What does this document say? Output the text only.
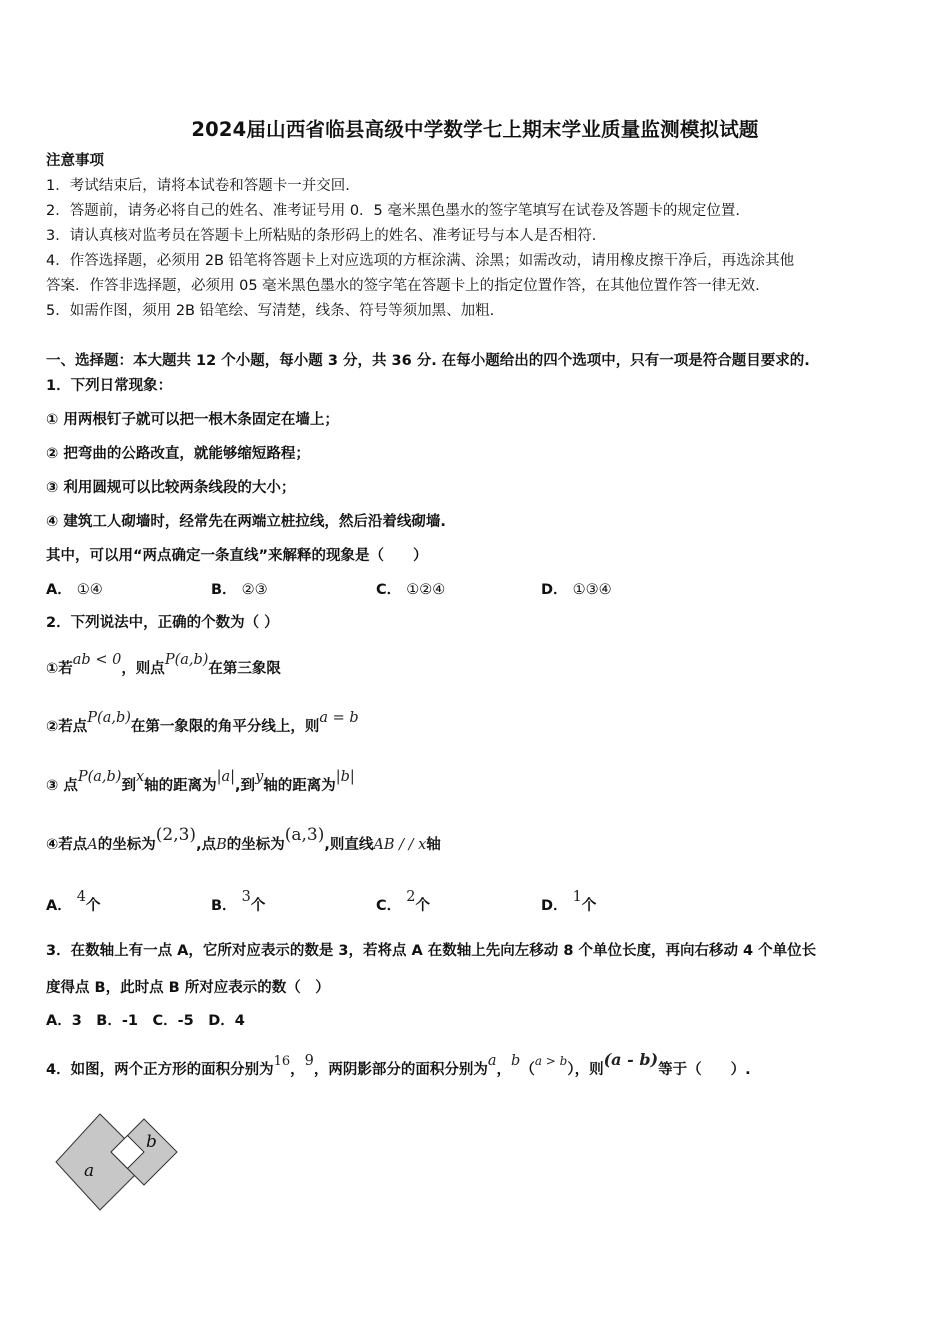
2024届山西省临县高级中学数学七上期末学业质量监测模拟试题
注意事项
1．考试结束后，请将本试卷和答题卡一并交回.
2．答题前，请务必将自己的姓名、准考证号用 0．5 毫米黑色墨水的签字笔填写在试卷及答题卡的规定位置.
3．请认真核对监考员在答题卡上所粘贴的条形码上的姓名、准考证号与本人是否相符.
4．作答选择题，必须用 2B 铅笔将答题卡上对应选项的方框涂满、涂黑；如需改动，请用橡皮擦干净后，再选涂其他
答案．作答非选择题，必须用 05 毫米黑色墨水的签字笔在答题卡上的指定位置作答，在其他位置作答一律无效.
5．如需作图，须用 2B 铅笔绘、写清楚，线条、符号等须加黑、加粗.
一、选择题：本大题共 12 个小题，每小题 3 分，共 36 分. 在每小题给出的四个选项中，只有一项是符合题目要求的.
1．下列日常现象：
① 用两根钉子就可以把一根木条固定在墙上；
② 把弯曲的公路改直，就能够缩短路程；
③ 利用圆规可以比较两条线段的大小；
④ 建筑工人砌墙时，经常先在两端立桩拉线，然后沿着线砌墙.
其中，可以用“两点确定一条直线”来解释的现象是（　　）
A． ①④	B． ②③	C． ①②④	D． ①③④
2．下列说法中，正确的个数为（ ）
①若ab < 0，则点P(a,b)在第三象限
②若点P(a,b)在第一象限的角平分线上，则a = b
③ 点P(a,b)到x轴的距离为|a|,到y轴的距离为|b|
④若点A的坐标为(2,3),点B的坐标为(a,3),则直线AB / / x轴
A． 4个	B． 3个	C． 2个	D． 1个
3．在数轴上有一点 A，它所对应表示的数是 3，若将点 A 在数轴上先向左移动 8 个单位长度，再向右移动 4 个单位长
度得点 B，此时点 B 所对应表示的数（　）
A．3　B．-1　C．-5　D．4
4．如图，两个正方形的面积分别为16，9，两阴影部分的面积分别为a，b（$^{a > b}$），则(a - b)等于（　　）.
a
b
